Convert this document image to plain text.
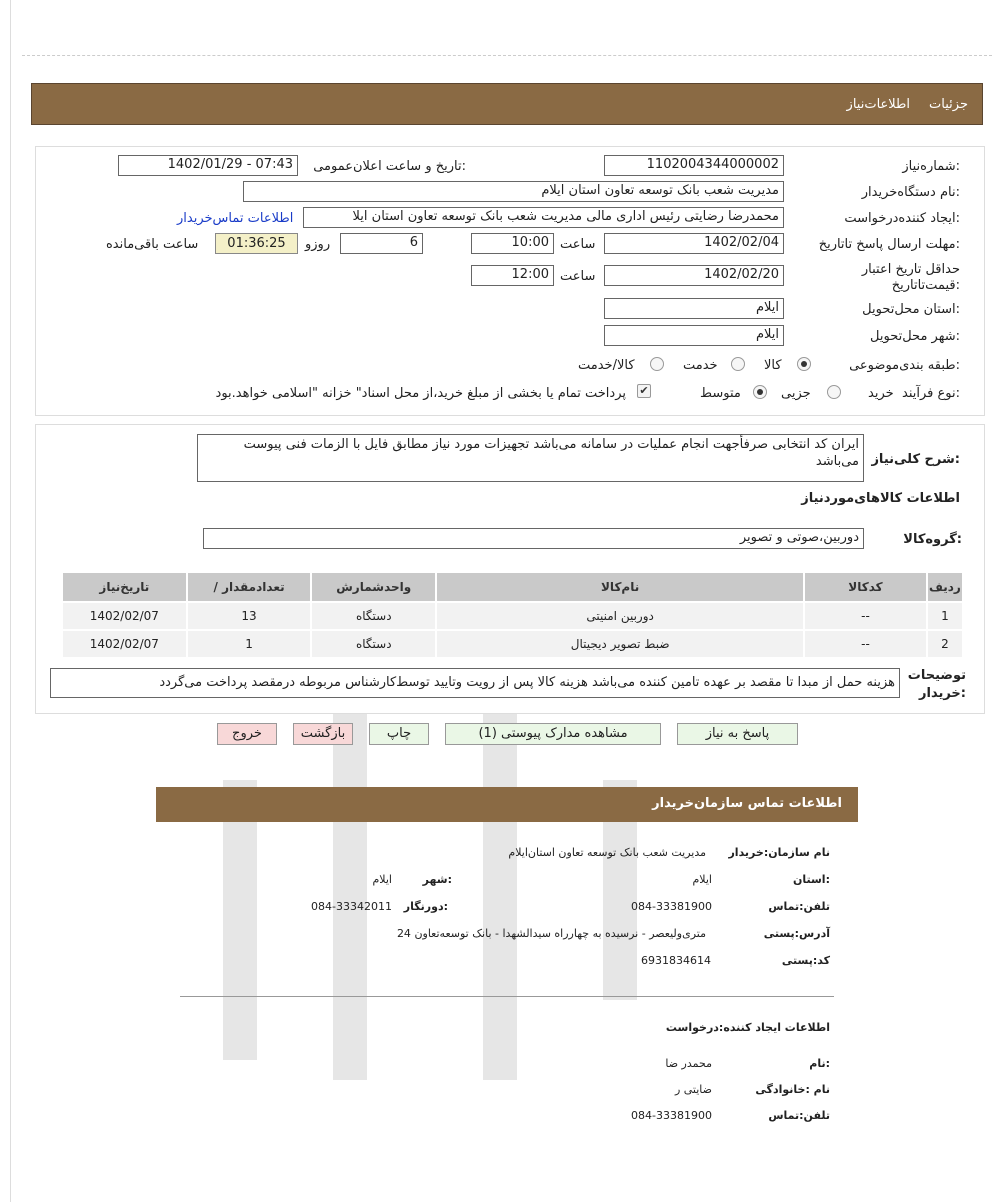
جزئیات
اطلاعات‌نیاز
شماره‌نیاز:
1102004344000002
تاریخ و ساعت اعلان‌عمومی:
1402/01/29 - 07:43
نام دستگاه‌خریدار:
مدیریت شعب بانک توسعه تعاون استان ایلام
ایجاد کننده‌درخواست:
محمدرضا رضایتی رئیس اداری مالی مدیریت شعب بانک توسعه تعاون استان ایلا
اطلاعات تماس‌خریدار
مهلت ارسال پاسخ تا‌تاریخ:
1402/02/04
ساعت
10:00
6
روزو
01:36:25
ساعت باقی‌مانده
حداقل تاریخ اعتبار قیمت‌تا‌تاریخ:
1402/02/20
ساعت
12:00
استان محل‌تحویل:
ایلام
شهر محل‌تحویل:
ایلام
طبقه بندی‌موضوعی:
کالا
خدمت
کالا/خدمت
نوع فرآیند:
خرید
جزیی
متوسط
✔
پرداخت تمام یا بخشی از مبلغ خرید،از محل اسناد" خزانه "اسلامی خواهد.بود
شرح کلی‌نیاز:
ایران کد انتخابی صرفأجهت انجام عملیات در سامانه می‌باشد تجهیزات مورد نیاز مطابق فایل با الزمات فنی پیوست می‌باشد
اطلاعات کالاهای‌موردنیاز
گروه‌کالا:
دوربین،صوتی و تصویر
ردیف	کدکالا	نام‌کالا	واحدشمارش	تعدادمقدار /	تاریخ‌نیاز
1	--	دوربین امنیتی	دستگاه	13	1402/02/07
2	--	ضبط تصویر دیجیتال	دستگاه	1	1402/02/07
توضیحات خریدار:
هزینه حمل از مبدا تا مقصد بر عهده تامین کننده می‌باشد هزینه کالا پس از رویت وتایید توسط‌کارشناس مربوطه درمقصد پرداخت می‌گردد
پاسخ به نیاز
مشاهده مدارک پیوستی (1)
چاپ
بازگشت
خروج
اطلاعات تماس سازمان‌خریدار
نام سازمان‌:خریدار
مدیریت شعب بانک توسعه تعاون استان‌ایلام
استان:
ایلام
شهر:
ایلام
تلفن:تماس
084-33381900
دورنگار:
084-33342011
آدرس‌:پستی
24 متری‌ولیعصر - نرسیده به چهارراه سیدالشهدا - بانک توسعه‌تعاون
کد‌:پستی
6931834614
اطلاعات ایجاد کننده‌:درخواست
نام:
محمدر ضا
نام :خانوادگی
ضایتی ر
تلفن:تماس
084-33381900
